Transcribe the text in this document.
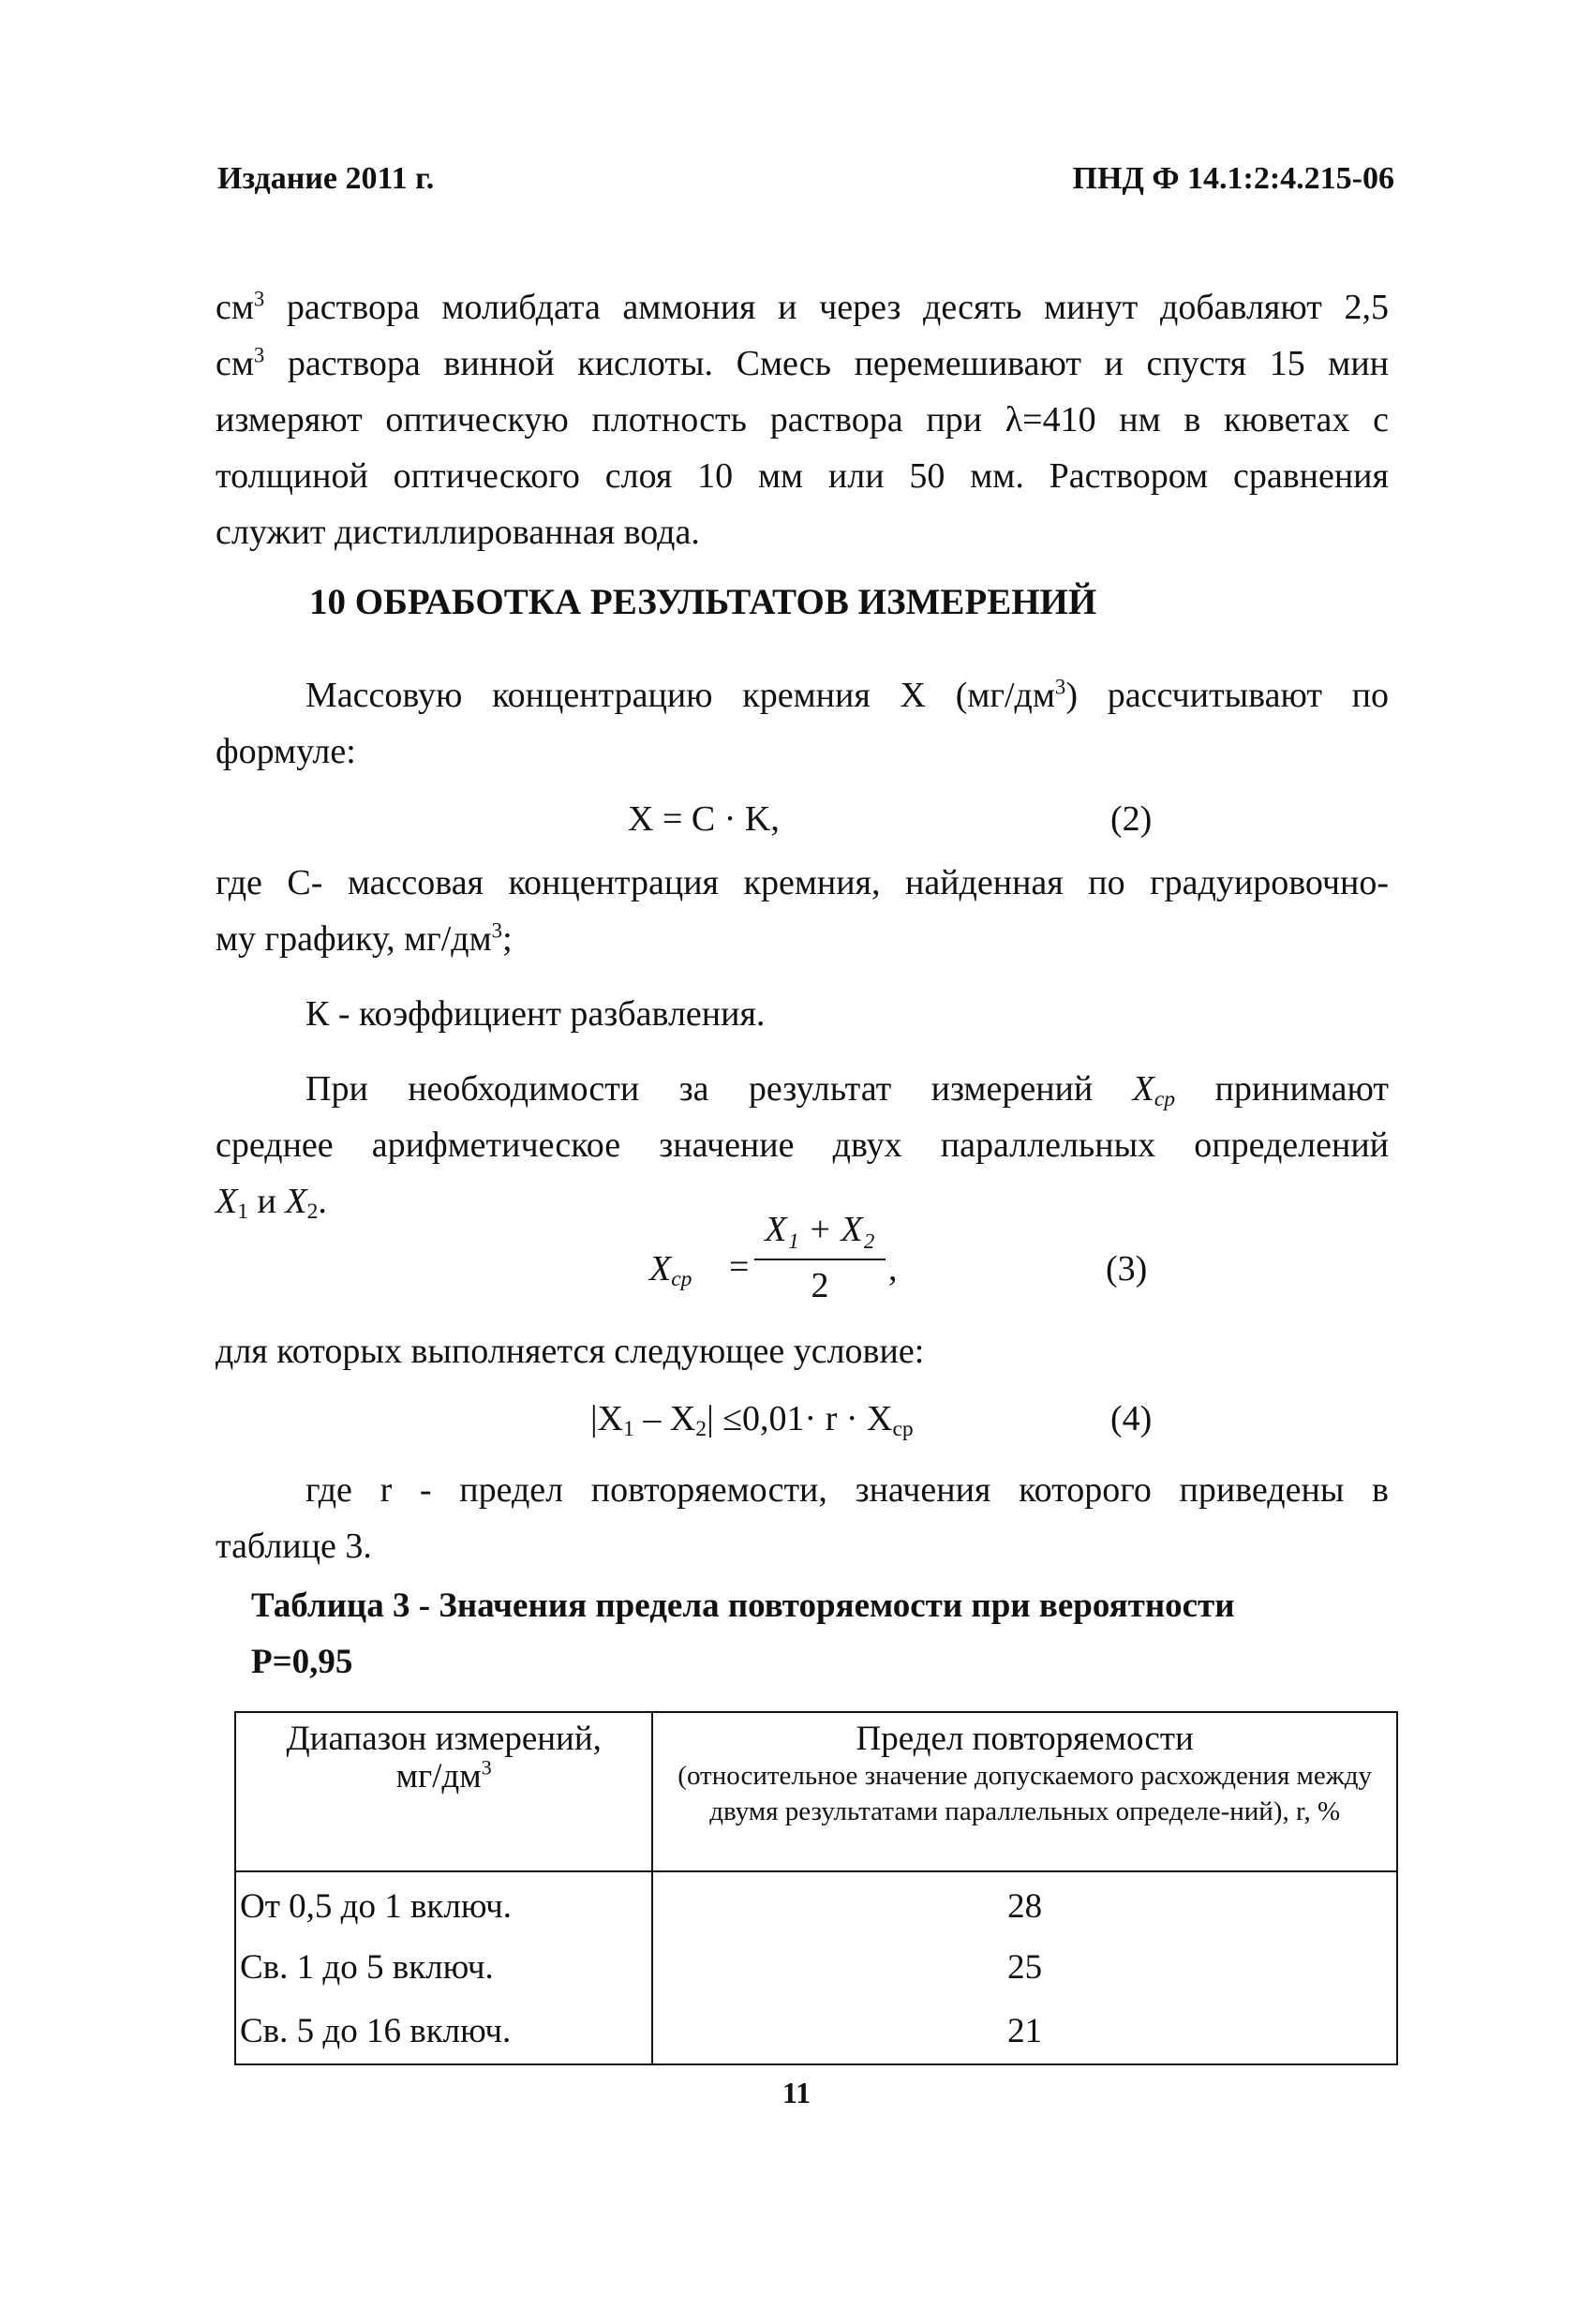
Издание 2011 г.	ПНД Ф 14.1:2:4.215-06
$см^3$ раствора молибдата аммония и через десять минут добавляют 2,5
$см^3$ раствора винной кислоты. Смесь перемешивают и спустя 15 мин
измеряют оптическую плотность раствора при λ=410 нм в кюветах с
толщиной оптического слоя 10 мм или 50 мм. Раствором сравнения
служит дистиллированная вода.
10 ОБРАБОТКА РЕЗУЛЬТАТОВ ИЗМЕРЕНИЙ
Массовую концентрацию кремния X $(мг/дм^3)$ рассчитывают по
формуле:
X = C · K,	(2)
где С- массовая концентрация кремния, найденная по градуировочно-
му графику, $мг/дм^3$;
К - коэффициент разбавления.
При необходимости за результат измерений $X_{ср}$ принимают
среднее арифметическое значение двух параллельных определений
$X_1$ и $X_2$.
$X_{ср}$ =
X₁ + X₂
2	,	(3)
для которых выполняется следующее условие:
$|X_1 - X_2| \le 0,01\cdot r \cdot X_{ср}$	(4)
где r - предел повторяемости, значения которого приведены в
таблице 3.
Таблица 3 - Значения предела повторяемости при вероятности
P=0,95
Диапазон измерений,
$мг/дм^3$	Предел повторяемости
(относительное значение допускаемого расхождения между двумя результатами параллельных определе-ний), r, %

От 0,5 до 1 включ.	28
Св. 1 до 5 включ.	25
Св. 5 до 16 включ.	21
11
